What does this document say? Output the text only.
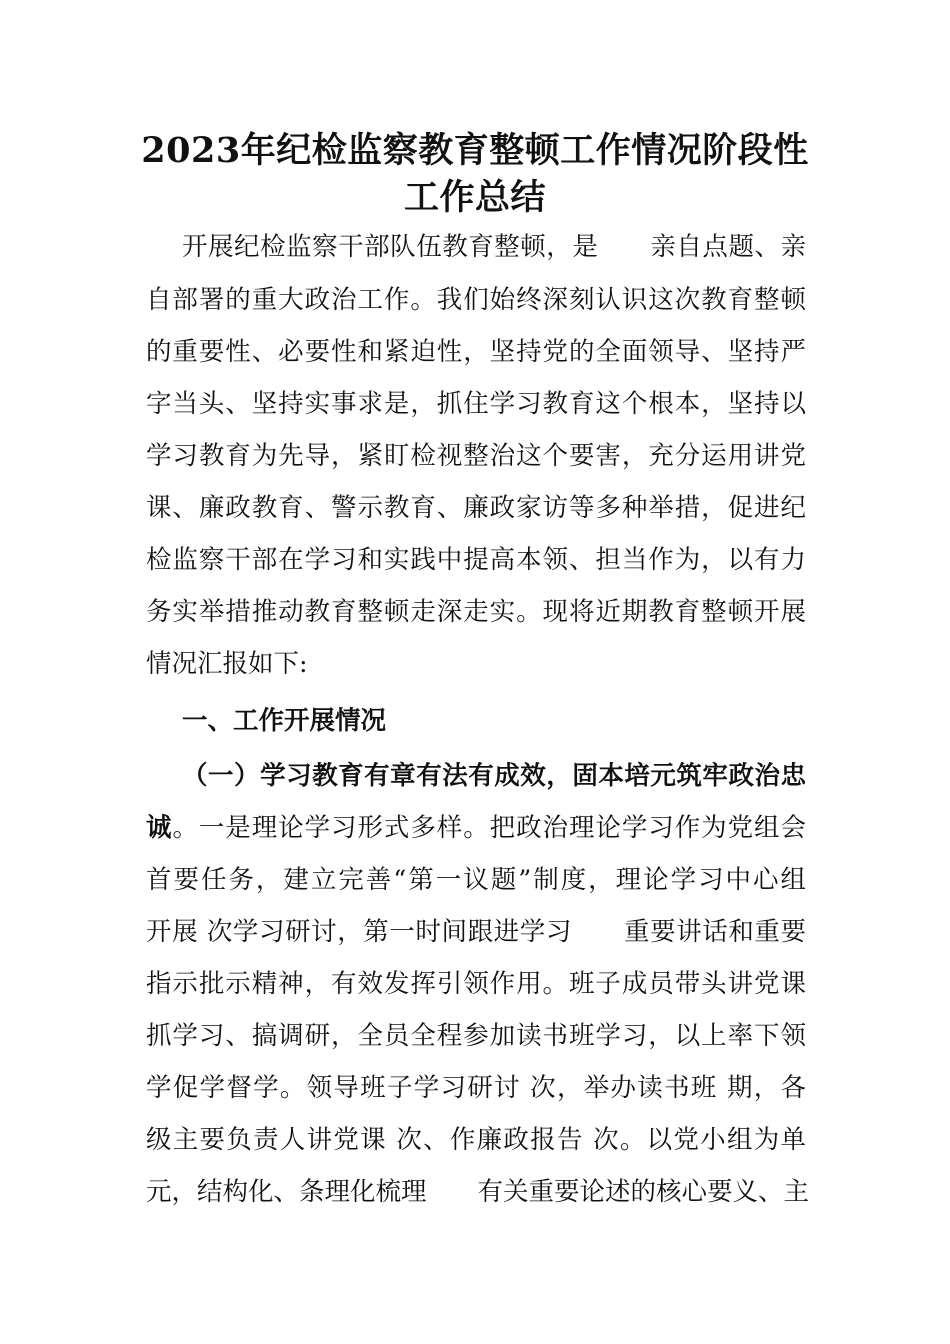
2023年纪检监察教育整顿工作情况阶段性
工作总结
开展纪检监察干部队伍教育整顿，是　　亲自点题、亲
自部署的重大政治工作。我们始终深刻认识这次教育整顿
的重要性、必要性和紧迫性，坚持党的全面领导、坚持严
字当头、坚持实事求是，抓住学习教育这个根本，坚持以
学习教育为先导，紧盯检视整治这个要害，充分运用讲党
课、廉政教育、警示教育、廉政家访等多种举措，促进纪
检监察干部在学习和实践中提高本领、担当作为，以有力
务实举措推动教育整顿走深走实。现将近期教育整顿开展
情况汇报如下:
一、工作开展情况
（一）学习教育有章有法有成效，固本培元筑牢政治忠
诚。一是理论学习形式多样。把政治理论学习作为党组会
首要任务，建立完善“第一议题”制度，理论学习中心组
开展 次学习研讨，第一时间跟进学习　　重要讲话和重要
指示批示精神，有效发挥引领作用。班子成员带头讲党课
抓学习、搞调研，全员全程参加读书班学习，以上率下领
学促学督学。领导班子学习研讨 次，举办读书班 期，各
级主要负责人讲党课 次、作廉政报告 次。以党小组为单
元，结构化、条理化梳理　　有关重要论述的核心要义、主
